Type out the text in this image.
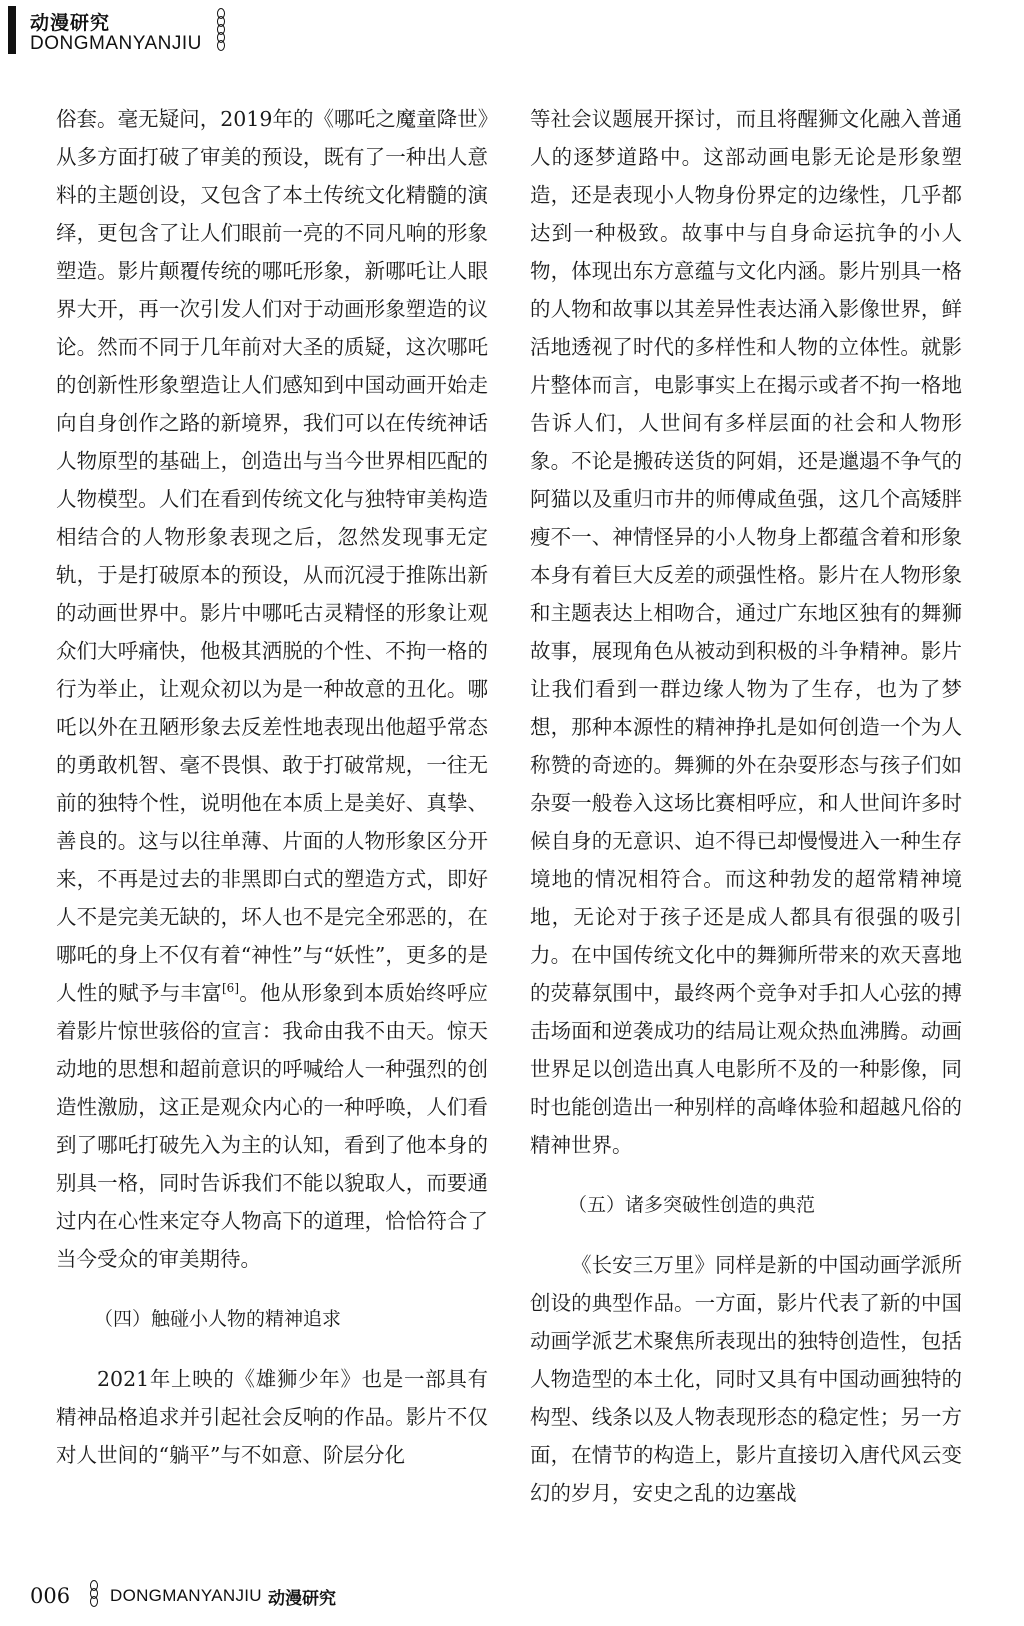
动漫研究
DONGMANYANJIU

俗套。毫无疑问，2019年的《哪吒之魔童降世》从多方面打破了审美的预设，既有了一种出人意料的主题创设，又包含了本土传统文化精髓的演绎，更包含了让人们眼前一亮的不同凡响的形象塑造。影片颠覆传统的哪吒形象，新哪吒让人眼界大开，再一次引发人们对于动画形象塑造的议论。然而不同于几年前对大圣的质疑，这次哪吒的创新性形象塑造让人们感知到中国动画开始走向自身创作之路的新境界，我们可以在传统神话人物原型的基础上，创造出与当今世界相匹配的人物模型。人们在看到传统文化与独特审美构造相结合的人物形象表现之后，忽然发现事无定轨，于是打破原本的预设，从而沉浸于推陈出新的动画世界中。影片中哪吒古灵精怪的形象让观众们大呼痛快，他极其洒脱的个性、不拘一格的行为举止，让观众初以为是一种故意的丑化。哪吒以外在丑陋形象去反差性地表现出他超乎常态的勇敢机智、毫不畏惧、敢于打破常规，一往无前的独特个性，说明他在本质上是美好、真挚、善良的。这与以往单薄、片面的人物形象区分开来，不再是过去的非黑即白式的塑造方式，即好人不是完美无缺的，坏人也不是完全邪恶的，在哪吒的身上不仅有着“神性”与“妖性”，更多的是人性的赋予与丰富[6]。他从形象到本质始终呼应着影片惊世骇俗的宣言：我命由我不由天。惊天动地的思想和超前意识的呼喊给人一种强烈的创造性激励，这正是观众内心的一种呼唤，人们看到了哪吒打破先入为主的认知，看到了他本身的别具一格，同时告诉我们不能以貌取人，而要通过内在心性来定夺人物高下的道理，恰恰符合了当今受众的审美期待。

（四）触碰小人物的精神追求

2021年上映的《雄狮少年》也是一部具有精神品格追求并引起社会反响的作品。影片不仅对人世间的“躺平”与不如意、阶层分化

等社会议题展开探讨，而且将醒狮文化融入普通人的逐梦道路中。这部动画电影无论是形象塑造，还是表现小人物身份界定的边缘性，几乎都达到一种极致。故事中与自身命运抗争的小人物，体现出东方意蕴与文化内涵。影片别具一格的人物和故事以其差异性表达涌入影像世界，鲜活地透视了时代的多样性和人物的立体性。就影片整体而言，电影事实上在揭示或者不拘一格地告诉人们，人世间有多样层面的社会和人物形象。不论是搬砖送货的阿娟，还是邋遢不争气的阿猫以及重归市井的师傅咸鱼强，这几个高矮胖瘦不一、神情怪异的小人物身上都蕴含着和形象本身有着巨大反差的顽强性格。影片在人物形象和主题表达上相吻合，通过广东地区独有的舞狮故事，展现角色从被动到积极的斗争精神。影片让我们看到一群边缘人物为了生存，也为了梦想，那种本源性的精神挣扎是如何创造一个为人称赞的奇迹的。舞狮的外在杂耍形态与孩子们如杂耍一般卷入这场比赛相呼应，和人世间许多时候自身的无意识、迫不得已却慢慢进入一种生存境地的情况相符合。而这种勃发的超常精神境地，无论对于孩子还是成人都具有很强的吸引力。在中国传统文化中的舞狮所带来的欢天喜地的荧幕氛围中，最终两个竞争对手扣人心弦的搏击场面和逆袭成功的结局让观众热血沸腾。动画世界足以创造出真人电影所不及的一种影像，同时也能创造出一种别样的高峰体验和超越凡俗的精神世界。

（五）诸多突破性创造的典范

《长安三万里》同样是新的中国动画学派所创设的典型作品。一方面，影片代表了新的中国动画学派艺术聚焦所表现出的独特创造性，包括人物造型的本土化，同时又具有中国动画独特的构型、线条以及人物表现形态的稳定性；另一方面，在情节的构造上，影片直接切入唐代风云变幻的岁月，安史之乱的边塞战

006 DONGMANYANJIU 动漫研究
